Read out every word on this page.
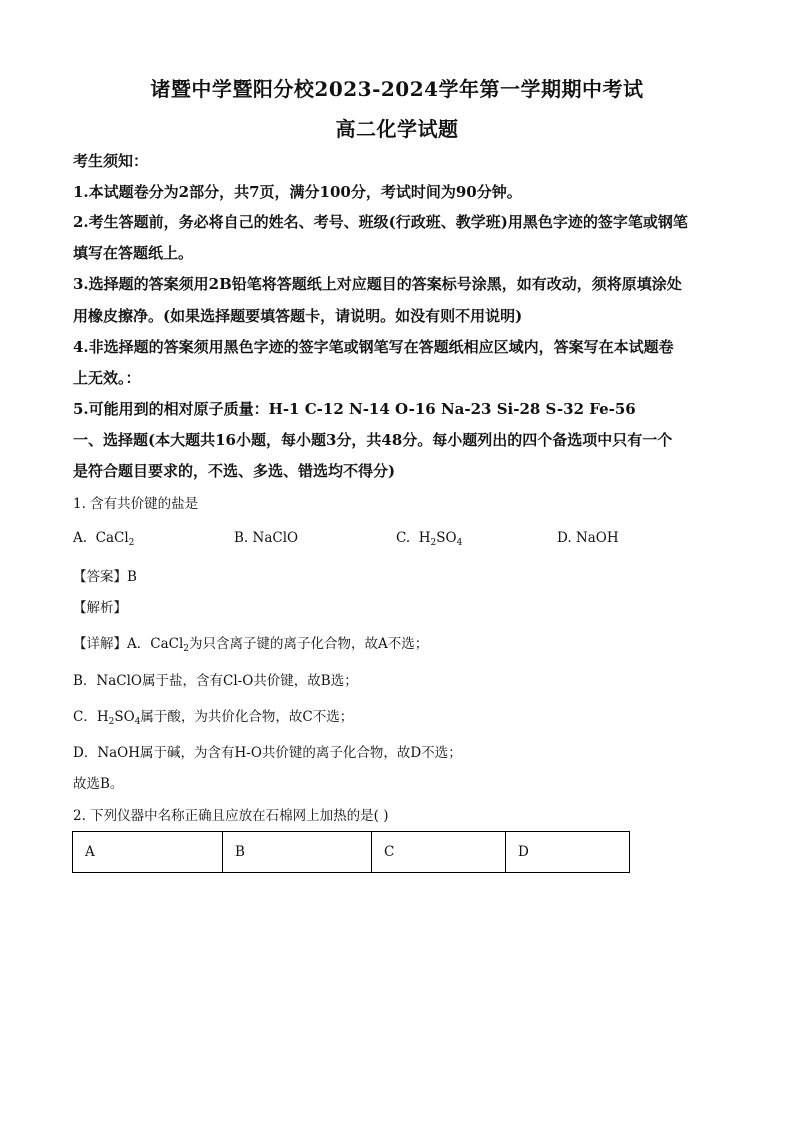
诸暨中学暨阳分校2023-2024学年第一学期期中考试
高二化学试题
考生须知：
1.本试题卷分为2部分，共7页，满分100分，考试时间为90分钟。
2.考生答题前，务必将自己的姓名、考号、班级(行政班、教学班)用黑色字迹的签字笔或钢笔
填写在答题纸上。
3.选择题的答案须用2B铅笔将答题纸上对应题目的答案标号涂黑，如有改动，须将原填涂处
用橡皮擦净。(如果选择题要填答题卡，请说明。如没有则不用说明)
4.非选择题的答案须用黑色字迹的签字笔或钢笔写在答题纸相应区域内，答案写在本试题卷
上无效。：
5.可能用到的相对原子质量：H-1 C-12 N-14 O-16 Na-23 Si-28 S-32 Fe-56
一、选择题(本大题共16小题，每小题3分，共48分。每小题列出的四个备选项中只有一个
是符合题目要求的，不选、多选、错选均不得分)
1. 含有共价键的盐是
A. CaCl$_2$	B. NaClO	C. $H_2SO_4$	D. NaOH
【答案】B
【解析】
【详解】A．CaCl$_2$为只含离子键的离子化合物，故A不选；
B．NaClO属于盐，含有Cl-O共价键，故B选；
C．$H_2SO_4$属于酸，为共价化合物，故C不选；
D．NaOH属于碱，为含有H-O共价键的离子化合物，故D不选；
故选B。
2. 下列仪器中名称正确且应放在石棉网上加热的是( )
A	B	C	D
